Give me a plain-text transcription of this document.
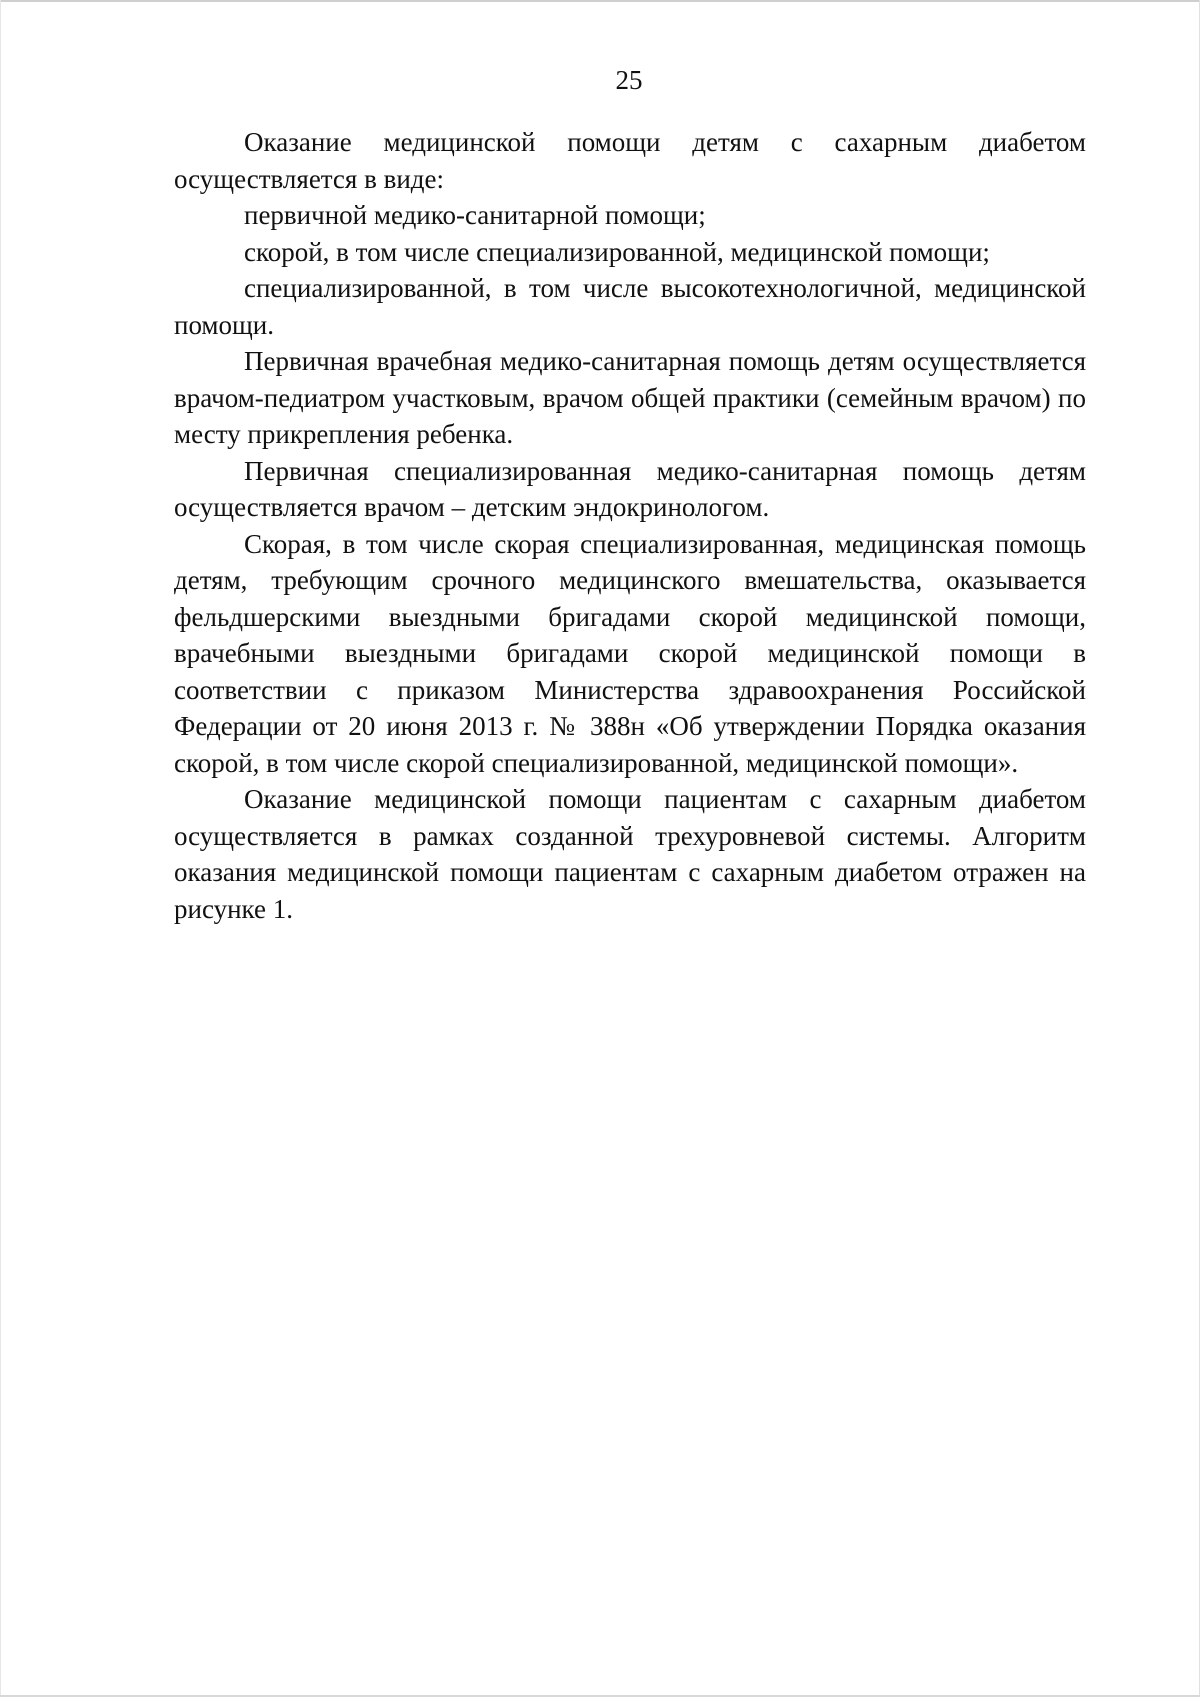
25

Оказание медицинской помощи детям с сахарным диабетом осуществляется в виде:

первичной медико-санитарной помощи;

скорой, в том числе специализированной, медицинской помощи;

специализированной, в том числе высокотехнологичной, медицинской помощи.

Первичная врачебная медико-санитарная помощь детям осуществляется врачом-педиатром участковым, врачом общей практики (семейным врачом) по месту прикрепления ребенка.

Первичная специализированная медико-санитарная помощь детям осуществляется врачом – детским эндокринологом.

Скорая, в том числе скорая специализированная, медицинская помощь детям, требующим срочного медицинского вмешательства, оказывается фельдшерскими выездными бригадами скорой медицинской помощи, врачебными выездными бригадами скорой медицинской помощи в соответствии с приказом Министерства здравоохранения Российской Федерации от 20 июня 2013 г. № 388н «Об утверждении Порядка оказания скорой, в том числе скорой специализированной, медицинской помощи».

Оказание медицинской помощи пациентам с сахарным диабетом осуществляется в рамках созданной трехуровневой системы. Алгоритм оказания медицинской помощи пациентам с сахарным диабетом отражен на рисунке 1.
